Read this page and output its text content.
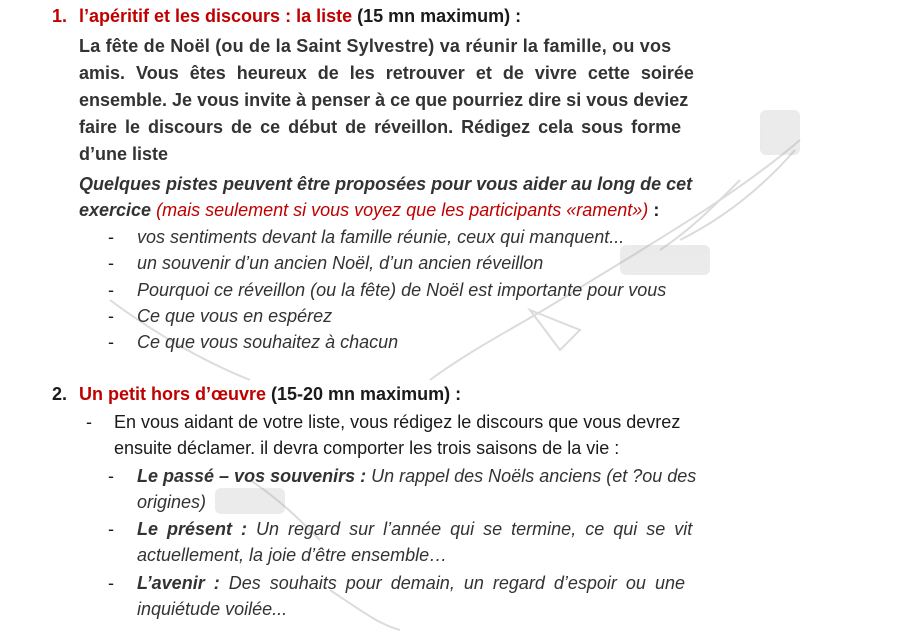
1. l’apéritif et les discours : la liste (15 mn maximum) :
La fête de Noël (ou de la Saint Sylvestre) va réunir la famille, ou vos
amis. Vous êtes heureux de les retrouver et de vivre cette soirée
ensemble. Je vous invite à penser à ce que pourriez dire si vous deviez
faire le discours de ce début de réveillon. Rédigez cela sous forme
d’une liste
Quelques pistes peuvent être proposées pour vous aider au long de cet
exercice (mais seulement si vous voyez que les participants «rament») :
- vos sentiments devant la famille réunie, ceux qui manquent...
- un souvenir d’un ancien Noël, d’un ancien réveillon
- Pourquoi ce réveillon (ou la fête) de Noël est importante pour vous
- Ce que vous en espérez
- Ce que vous souhaitez à chacun
2. Un petit hors d’œuvre (15-20 mn maximum) :
- En vous aidant de votre liste, vous rédigez le discours que vous devrez
ensuite déclamer. il devra comporter les trois saisons de la vie :
- Le passé – vos souvenirs : Un rappel des Noëls anciens (et ?ou des
origines)
- Le présent : Un regard sur l’année qui se termine, ce qui se vit
actuellement, la joie d’être ensemble…
- L’avenir : Des souhaits pour demain, un regard d’espoir ou une
inquiétude voilée...
